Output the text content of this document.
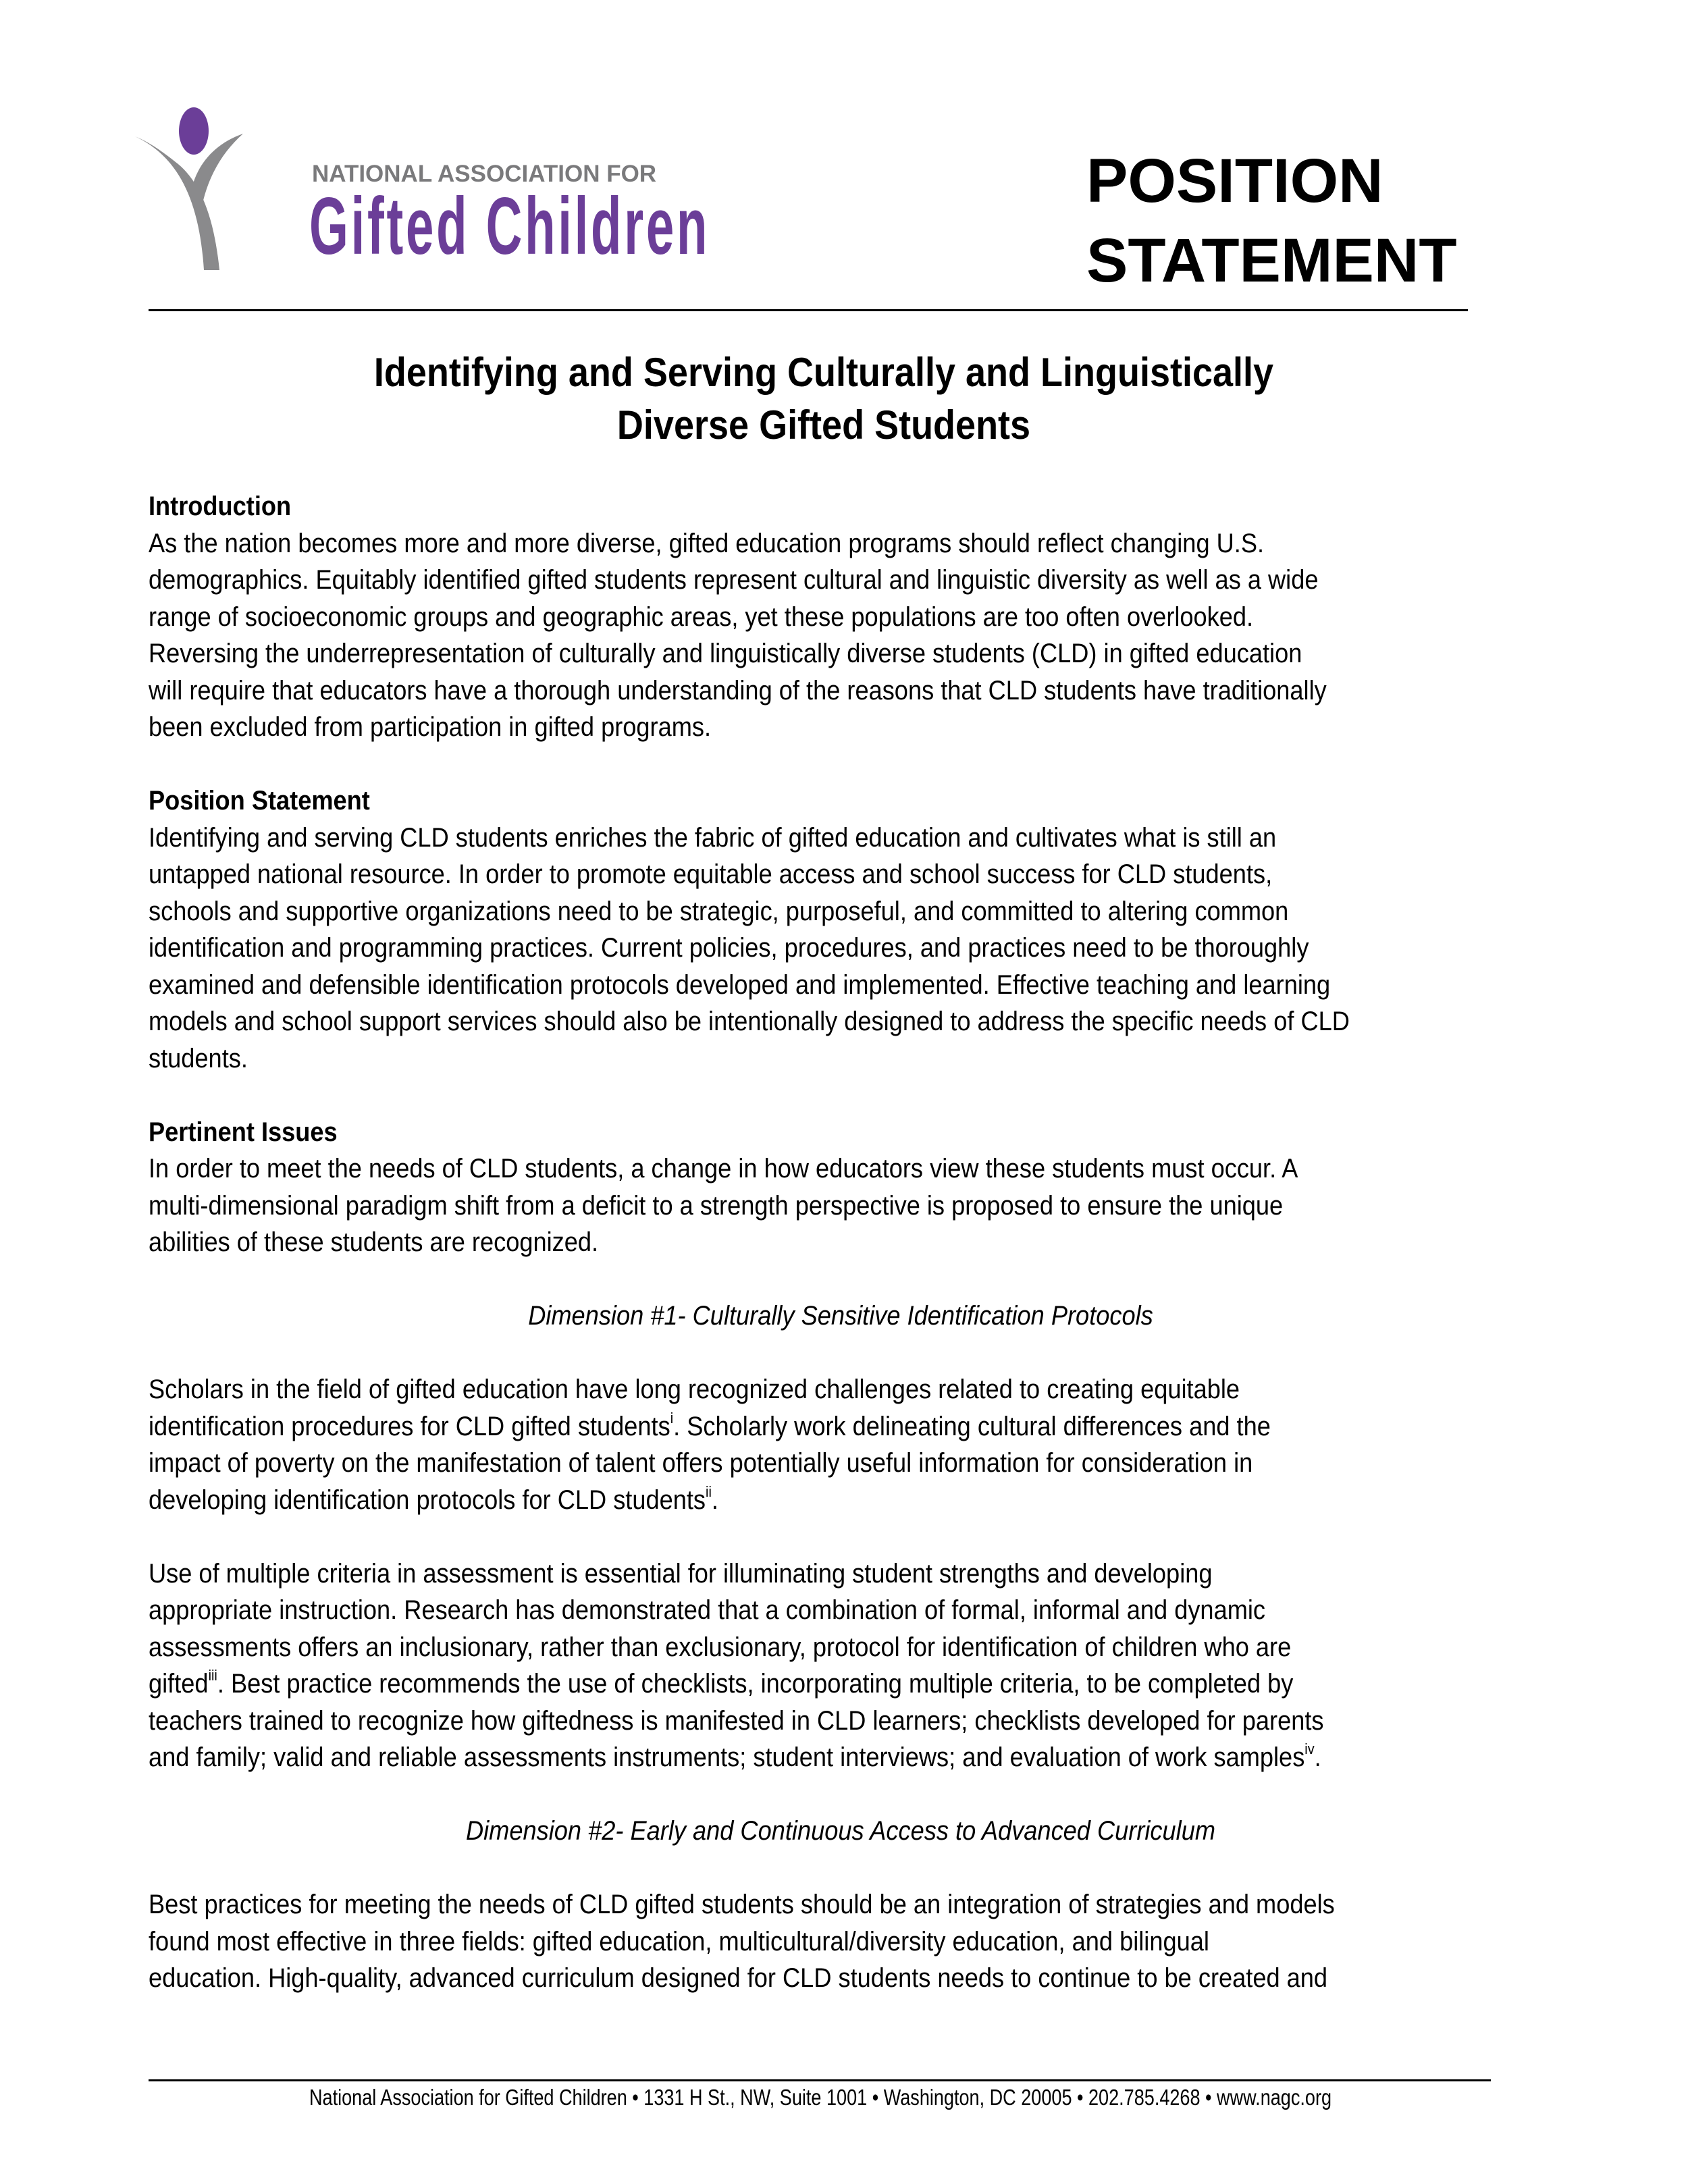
NATIONAL ASSOCIATION FOR
Gifted Children	POSITION
STATEMENT
Identifying and Serving Culturally and Linguistically
Diverse Gifted Students
Introduction
As the nation becomes more and more diverse, gifted education programs should reflect changing U.S.
demographics. Equitably identified gifted students represent cultural and linguistic diversity as well as a wide
range of socioeconomic groups and geographic areas, yet these populations are too often overlooked.
Reversing the underrepresentation of culturally and linguistically diverse students (CLD) in gifted education
will require that educators have a thorough understanding of the reasons that CLD students have traditionally
been excluded from participation in gifted programs.
Position Statement
Identifying and serving CLD students enriches the fabric of gifted education and cultivates what is still an
untapped national resource. In order to promote equitable access and school success for CLD students,
schools and supportive organizations need to be strategic, purposeful, and committed to altering common
identification and programming practices. Current policies, procedures, and practices need to be thoroughly
examined and defensible identification protocols developed and implemented. Effective teaching and learning
models and school support services should also be intentionally designed to address the specific needs of CLD
students.
Pertinent Issues
In order to meet the needs of CLD students, a change in how educators view these students must occur. A
multi-dimensional paradigm shift from a deficit to a strength perspective is proposed to ensure the unique
abilities of these students are recognized.
Dimension #1- Culturally Sensitive Identification Protocols
Scholars in the field of gifted education have long recognized challenges related to creating equitable
identification procedures for CLD gifted students$^i$. Scholarly work delineating cultural differences and the
impact of poverty on the manifestation of talent offers potentially useful information for consideration in
developing identification protocols for CLD students$^{ii}$.
Use of multiple criteria in assessment is essential for illuminating student strengths and developing
appropriate instruction. Research has demonstrated that a combination of formal, informal and dynamic
assessments offers an inclusionary, rather than exclusionary, protocol for identification of children who are
gifted$^{iii}$. Best practice recommends the use of checklists, incorporating multiple criteria, to be completed by
teachers trained to recognize how giftedness is manifested in CLD learners; checklists developed for parents
and family; valid and reliable assessments instruments; student interviews; and evaluation of work samples$^{iv}$.
Dimension #2- Early and Continuous Access to Advanced Curriculum
Best practices for meeting the needs of CLD gifted students should be an integration of strategies and models
found most effective in three fields: gifted education, multicultural/diversity education, and bilingual
education. High-quality, advanced curriculum designed for CLD students needs to continue to be created and
National Association for Gifted Children • 1331 H St., NW, Suite 1001 • Washington, DC 20005 • 202.785.4268 • www.nagc.org
